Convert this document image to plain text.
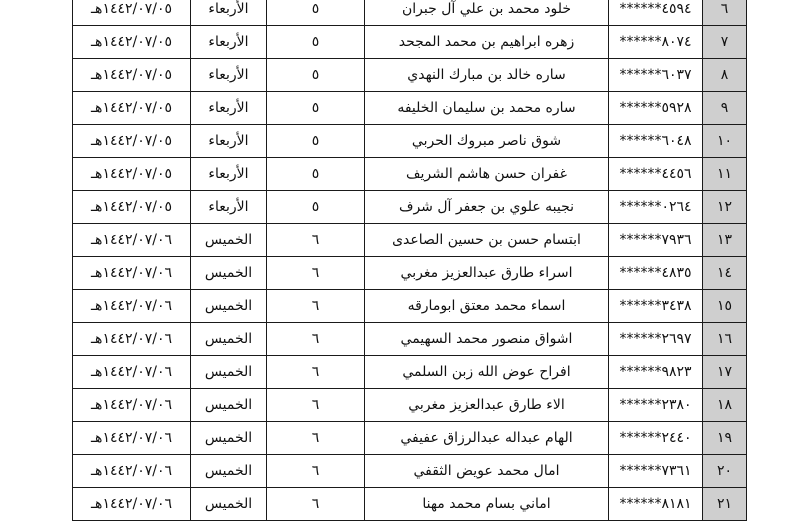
١٤٤٢/٠٧/٠٥هـ	الأربعاء	٥	خلود محمد بن علي آل جبران	******٤٥٩٤	٦
١٤٤٢/٠٧/٠٥هـ	الأربعاء	٥	زهره ابراهيم بن محمد المجحد	******٨٠٧٤	٧
١٤٤٢/٠٧/٠٥هـ	الأربعاء	٥	ساره خالد بن مبارك النهدي	******٦٠٣٧	٨
١٤٤٢/٠٧/٠٥هـ	الأربعاء	٥	ساره محمد بن سليمان الخليفه	******٥٩٢٨	٩
١٤٤٢/٠٧/٠٥هـ	الأربعاء	٥	شوق ناصر مبروك الحربي	******٦٠٤٨	١٠
١٤٤٢/٠٧/٠٥هـ	الأربعاء	٥	غفران حسن هاشم الشريف	******٤٤٥٦	١١
١٤٤٢/٠٧/٠٥هـ	الأربعاء	٥	نجيبه علوي بن جعفر آل شرف	******٠٢٦٤	١٢
١٤٤٢/٠٧/٠٦هـ	الخميس	٦	ابتسام حسن بن حسين الصاعدى	******٧٩٣٦	١٣
١٤٤٢/٠٧/٠٦هـ	الخميس	٦	اسراء طارق عبدالعزيز مغربي	******٤٨٣٥	١٤
١٤٤٢/٠٧/٠٦هـ	الخميس	٦	اسماء محمد معتق ابومارقه	******٣٤٣٨	١٥
١٤٤٢/٠٧/٠٦هـ	الخميس	٦	اشواق منصور محمد السهيمي	******٢٦٩٧	١٦
١٤٤٢/٠٧/٠٦هـ	الخميس	٦	افراح عوض الله زبن السلمي	******٩٨٢٣	١٧
١٤٤٢/٠٧/٠٦هـ	الخميس	٦	الاء طارق عبدالعزيز مغربي	******٢٣٨٠	١٨
١٤٤٢/٠٧/٠٦هـ	الخميس	٦	الهام عبداله عبدالرزاق عفيفي	******٢٤٤٠	١٩
١٤٤٢/٠٧/٠٦هـ	الخميس	٦	امال محمد عويض الثقفي	******٧٣٦١	٢٠
١٤٤٢/٠٧/٠٦هـ	الخميس	٦	اماني بسام محمد مهنا	******٨١٨١	٢١
